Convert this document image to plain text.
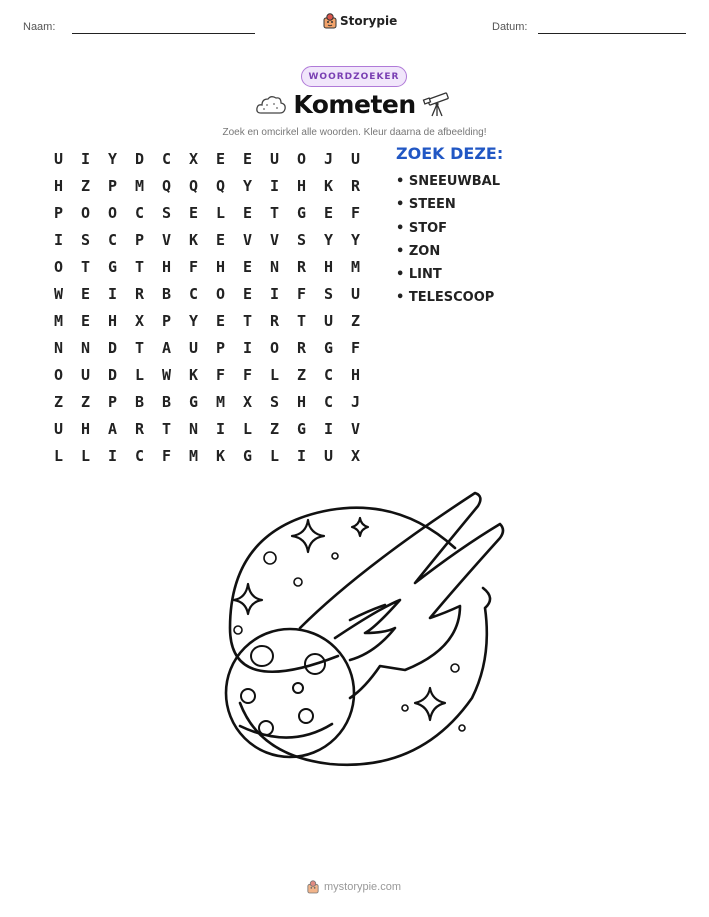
Naam:	Storypie	Datum:
WOORDZOEKER
Kometen
Zoek en omcirkel alle woorden. Kleur daarna de afbeelding!
U	I	Y	D	C	X	E	E	U	O	J	U
H	Z	P	M	Q	Q	Q	Y	I	H	K	R
P	O	O	C	S	E	L	E	T	G	E	F
I	S	C	P	V	K	E	V	V	S	Y	Y
O	T	G	T	H	F	H	E	N	R	H	M
W	E	I	R	B	C	O	E	I	F	S	U
M	E	H	X	P	Y	E	T	R	T	U	Z
N	N	D	T	A	U	P	I	O	R	G	F
O	U	D	L	W	K	F	F	L	Z	C	H
Z	Z	P	B	B	G	M	X	S	H	C	J
U	H	A	R	T	N	I	L	Z	G	I	V
L	L	I	C	F	M	K	G	L	I	U	X
ZOEK DEZE:
• SNEEUWBAL
• STEEN
• STOF
• ZON
• LINT
• TELESCOOP
mystorypie.com
